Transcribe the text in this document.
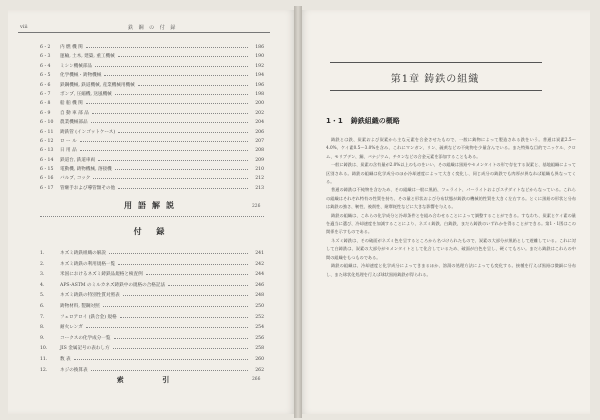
viii	鉄 鋼 の 付 録
6・2	内 燃 機 関	186
6・3	運輸, 土木, 建築, 重工機械	190
6・4	ミシン機械部品	192
6・5	化学機械・鋳物機械	194
6・6	鉄鋼機械, 鉄道機械, 産業機械用機械	196
6・7	ポンプ, 圧縮機, 送風機械	198
6・8	船 舶 機 関	200
6・9	自 動 車 部 品	202
6・10	農業機械部品	204
6・11	鋳鉄管 (インゴットケース)	206
6・12	ロ ー ル	207
6・13	日 用 品	208
6・14	鉄道台, 鉄道車両	209
6・15	電動機, 鋳物機械, 溶接機	210
6・16	バルブ, コック	212
6・17	管継手および導管類その他	213
用語解説	226
付 録
1.	ネズミ鋳鉄組織の解説	241
2.	ネズミ鋳鉄の利用規格一覧	242
3.	米国におけるネズミ鋳鉄品規格と検査例	244
4.	APS-ASTM のミルカネズ鋳鉄中の規格の合格記法	246
5.	ネズミ鋳鉄の特別性質対照表	248
6.	鋳物材料, 製鋼対照	250
7.	フェロアロイ (鉄合金) 規格	252
8.	耐火レンガ	254
9.	コークスの化学成分一覧	256
10.	JIS 金属記号の表わし方	258
11.	数 表	260
12.	ネジの換算表	262
索 引	266
第1章 鋳鉄の組織
1・1 鋳鉄組織の概略

鋳鉄とは鉄、炭素および炭素から主な元素を合金させたもので、一般に鋳物によって製造される鉄をいう。普通は炭素2.5〜4.0%、ケイ素0.5〜3.0%を含み、これにマンガン、リン、硫黄などの不純物を少量含んでいる。また特殊な目的でニッケル、クロム、モリブデン、銅、バナジウム、チタンなどの合金元素を添加することもある。

一般に鋳鉄は、炭素の含有量が2.0%以上のものをいい、その組織は黒鉛やセメンタイトの形で存在する炭素と、基地組織によって区別される。鋳鉄の組織は化学成分のほか冷却速度によって大きく変化し、同じ成分の鋳鉄でも肉厚が異なれば組織も異なってくる。

普通の鋳鉄は不純物を含むため、その組織は一般に黒鉛、フェライト、パーライトおよびステダイトなどからなっている。これらの組織はそれぞれ特有の性質を持ち、その量と形状および分布状態が鋳鉄の機械的性質を大きく左右する。とくに黒鉛の形状と分布は鋳鉄の強さ、靭性、被削性、耐摩耗性などに大きな影響を与える。

鋳鉄の組織は、これらの化学成分と冷却条件とを組み合わせることによって調整することができる。すなわち、炭素とケイ素の量を適当に選び、冷却速度を加減することにより、ネズミ鋳鉄、白鋳鉄、まだら鋳鉄のいずれかを得ることができる。第1・1図はこの関係を示すものである。

ネズミ鋳鉄は、その破面がネズミ色を呈するところから名づけられたもので、炭素の大部分が黒鉛として遊離している。これに対して白鋳鉄は、炭素の大部分がセメンタイトとして化合しているため、破面が白色を呈し、硬くてもろい。まだら鋳鉄はこれらの中間の組織をもつものである。

鋳鉄の組織は、冷却速度と化学成分によってきまるほか、溶湯の処理方法によっても変化する。接種を行えば黒鉛は微細に分布し、また球状化処理を行えば球状黒鉛鋳鉄が得られる。
